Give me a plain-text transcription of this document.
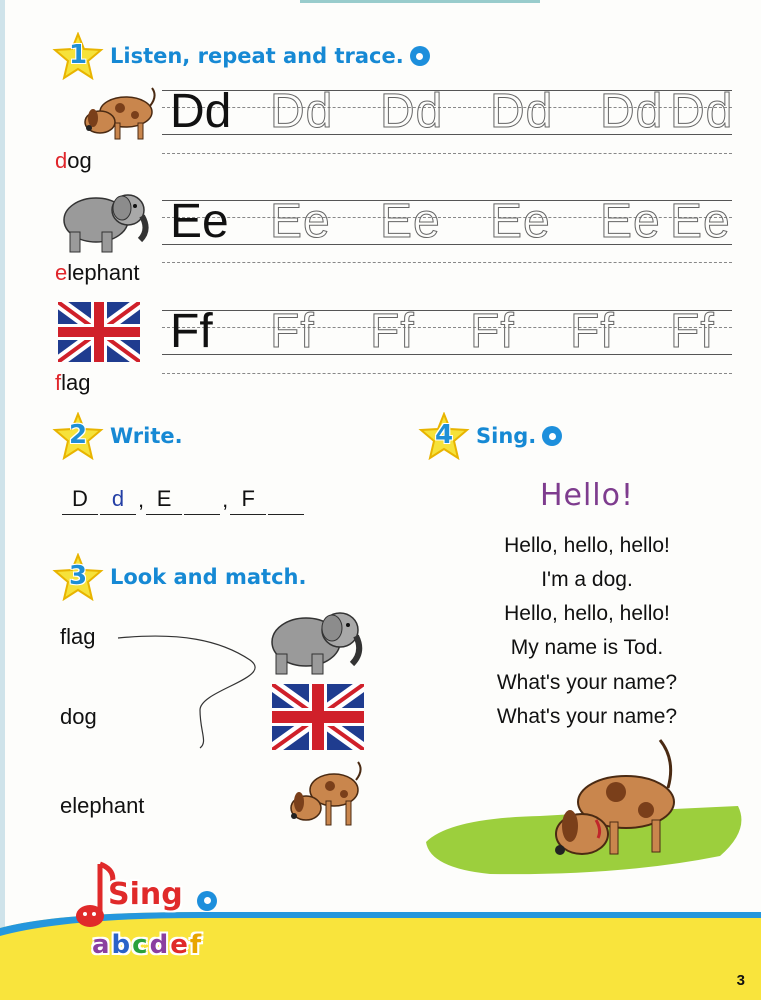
1	Listen, repeat and trace.
dog
Dd Dd Dd Dd Dd Dd
elephant
Ee Ee Ee Ee Ee Ee
flag
Ff Ff Ff Ff Ff Ff
2	Write.
D	d , E
	, F

3	Look and match.
flag
dog
elephant
4	Sing.
Hello!
Hello, hello, hello!
I'm a dog.
Hello, hello, hello!
My name is Tod.
What's your name?
What's your name?
Sing
a b c d e f
3
